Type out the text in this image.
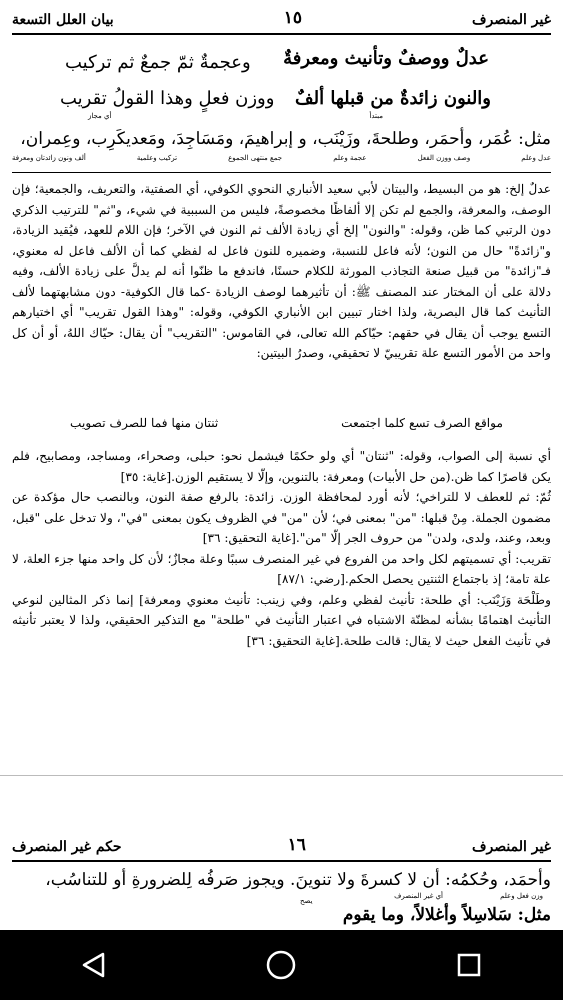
غير المنصرف
١٥
بيان العلل التسعة
عدلٌ ووصفٌ وتأنيث ومعرفةٌ
وعجمةٌ ثمّ جمعٌ ثم تركيب
والنون زائدةٌ من قبلها ألفٌ
ووزن فعلٍ وهذا القولُ تقريب
مبتدأ
أي مجاز
مثل: عُمَر، وأحمَر، وطلحةَ، وزَيْنَب، و إبراهيمَ، ومَسَاجِدَ، ومَعديكَرِب، وعِمران،
عدل وعلم
وصف ووزن الفعل
عجمة وعلم
جمع منتهى الجموع
تركيب وعلمية
ألف ونون زائدتان ومعرفة

عدلٌ إلخ: هو من البسيط، والبيتان لأبي سعيد الأنباري النحوي الكوفي، أي الصفتية، والتعريف، والجمعية؛ فإن الوصف، والمعرفة، والجمع لم تكن إلا ألفاظًا مخصوصةً، فليس من السببية في شيء، و"ثم" للترتيب الذكري دون الرتبي كما ظن، وقوله: "والنون" إلخ أي زيادة الألف ثم النون في الآخر؛ فإن اللام للعهد، فيُقيد الزيادة، و"زائدةً" حال من النون؛ لأنه فاعل للنسبة، وضميره للنون فاعل له لفظي كما أن الألف فاعل له معنوي، فـ"زائدة" من قبيل صنعة التجاذب المورثة للكلام حسنًا، فاندفع ما ظنّوا أنه لم يدلَّ على زيادة الألف، وفيه دلالة على أن المختار عند المصنف ﷺ: أن تأثيرهما لوصف الزيادة -كما قال الكوفية- دون مشابهتهما لألف التأنيث كما قال البصرية، ولذا اختار تبيين ابن الأنباري الكوفي، وقوله: "وهذا القول تقريب" أي اختيارهم التسع يوجب أن يقال في حقهم: حيّاكم الله تعالى، في القاموس: "التقريب" أن يقال: حيّاك اللهُ، أو أن كل واحد من الأمور التسع علة تقريبيّ لا تحقيقي، وصدرُ البيتين:

مواقع الصرف تسع كلما اجتمعت
ثنتان منها فما للصرف تصويب

أي نسبة إلى الصواب، وقوله: "ثنتان" أي ولو حكمًا فيشمل نحو: حبلى، وصحراء، ومساجد، ومصابيح، فلم يكن قاصرًا كما ظن.(من حل الأبيات) ومعرفة: بالتنوين، وإلّا لا يستقيم الوزن.[غاية: ٣٥]

ثُمّ: ثم للعطف لا للتراخي؛ لأنه أورد لمحافظة الوزن. زائدة: بالرفع صفة النون، وبالنصب حال مؤكدة عن مضمون الجملة. مِنْ قبلها: "من" بمعنى في؛ لأن "من" في الظروف يكون بمعنى "في"، ولا تدخل على "قبل، وبعد، وعند، ولدى، ولدن" من حروف الجر إلّا "من".[غاية التحقيق: ٣٦]

تقريب: أي تسميتهم لكل واحد من الفروع في غير المنصرف سببًا وعلة مجازٌ؛ لأن كل واحد منها جزء العلة، لا علة تامة؛ إذ باجتماع الثنتين يحصل الحكم.[رضي: ٨٧/١]

وطَلْحَة وَزَيْنَب: أي طلحة: تأنيث لفظي وعلم، وفي زينب: تأنيث معنوي ومعرفة] إنما ذكر المثالين لنوعي التأنيث اهتمامًا بشأنه لمظنّة الاشتباه في اعتبار التأنيث في "طلحة" مع التذكير الحقيقي، ولذا لا يعتبر تأنيثه في تأنيث الفعل حيث لا يقال: قالت طلحة.[غاية التحقيق: ٣٦]

غير المنصرف
١٦
حكم غير المنصرف
وأحمَد، وحُكمُه: أن لا كسرةَ ولا تنوينَ. ويجوز صَرفُه لِلضرورةِ أو للتناسُب،
وزن فعل وعلم
أي غير المنصرف
يصح
مثل: سَلاسِلاً وأغلالاً، وما يقوم
